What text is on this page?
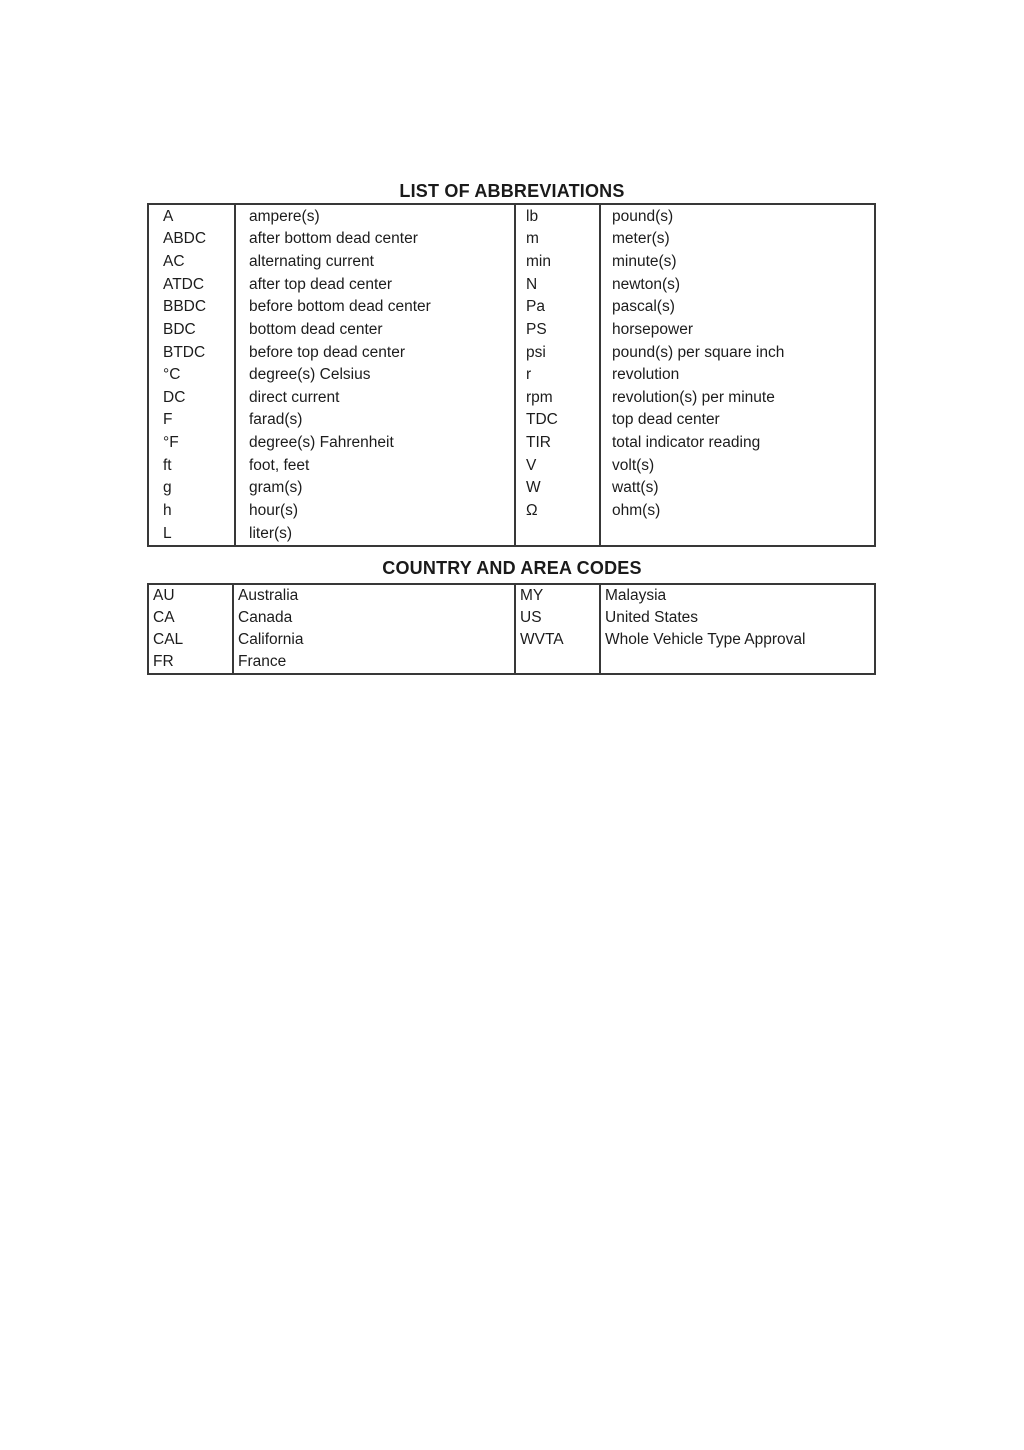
LIST OF ABBREVIATIONS
A
ABDC
AC
ATDC
BBDC
BDC
BTDC
°C
DC
F
°F
ft
g
h
L
ampere(s)
after bottom dead center
alternating current
after top dead center
before bottom dead center
bottom dead center
before top dead center
degree(s) Celsius
direct current
farad(s)
degree(s) Fahrenheit
foot, feet
gram(s)
hour(s)
liter(s)
lb
m
min
N
Pa
PS
psi
r
rpm
TDC
TIR
V
W
Ω
pound(s)
meter(s)
minute(s)
newton(s)
pascal(s)
horsepower
pound(s) per square inch
revolution
revolution(s) per minute
top dead center
total indicator reading
volt(s)
watt(s)
ohm(s)
COUNTRY AND AREA CODES
AU
CA
CAL
FR
Australia
Canada
California
France
MY
US
WVTA
Malaysia
United States
Whole Vehicle Type Approval
